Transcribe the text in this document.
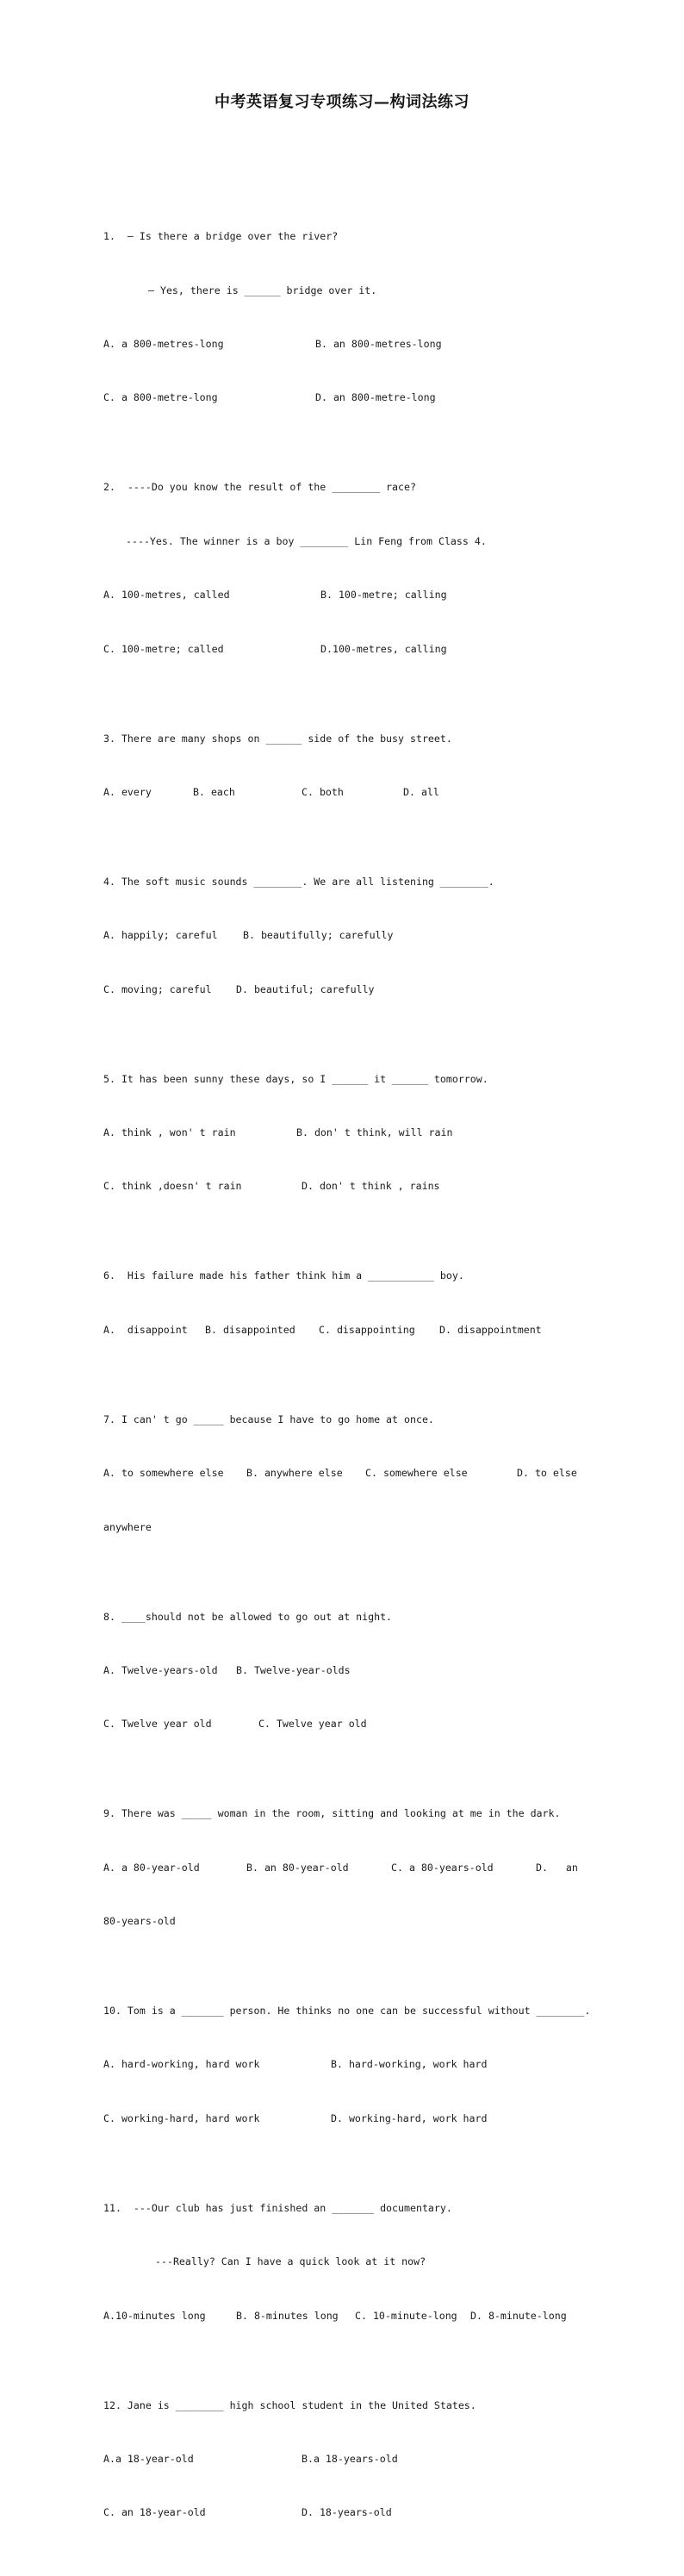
中考英语复习专项练习—构词法练习

1.  – Is there a bridge over the river?

– Yes, there is ______ bridge over it.

A. a 800-metres-long	B. an 800-metres-long

C. a 800-metre-long	D. an 800-metre-long

2.  ----Do you know the result of the ________ race?

----Yes. The winner is a boy ________ Lin Feng from Class 4.

A. 100-metres, called	B. 100-metre; calling

C. 100-metre; called	D.100-metres, calling

3. There are many shops on ______ side of the busy street.

A. every	B. each	C. both	D. all

4. The soft music sounds ________. We are all listening ________.

A. happily; careful	B. beautifully; carefully

C. moving; careful	D. beautiful; carefully

5. It has been sunny these days, so I ______ it ______ tomorrow.

A. think , won' t rain	B. don' t think, will rain

C. think ,doesn' t rain	D. don' t think , rains

6.  His failure made his father think him a ___________ boy.

A.  disappoint	B. disappointed	C. disappointing	D. disappointment

7. I can' t go _____ because I have to go home at once.

A. to somewhere else	B. anywhere else	C. somewhere else	D. to else

anywhere

8. ____should not be allowed to go out at night.

A. Twelve-years-old	B. Twelve-year-olds

C. Twelve year old	C. Twelve year old

9. There was _____ woman in the room, sitting and looking at me in the dark.

A. a 80-year-old	B. an 80-year-old	C. a 80-years-old	D.   an

80-years-old

10. Tom is a _______ person. He thinks no one can be successful without ________.

A. hard-working, hard work	B. hard-working, work hard

C. working-hard, hard work	D. working-hard, work hard

11.  ---Our club has just finished an _______ documentary.

---Really? Can I have a quick look at it now?

A.10-minutes long	B. 8-minutes long	C. 10-minute-long	D. 8-minute-long

12. Jane is ________ high school student in the United States.

A.a 18-year-old	B.a 18-years-old

C. an 18-year-old	D. 18-years-old
